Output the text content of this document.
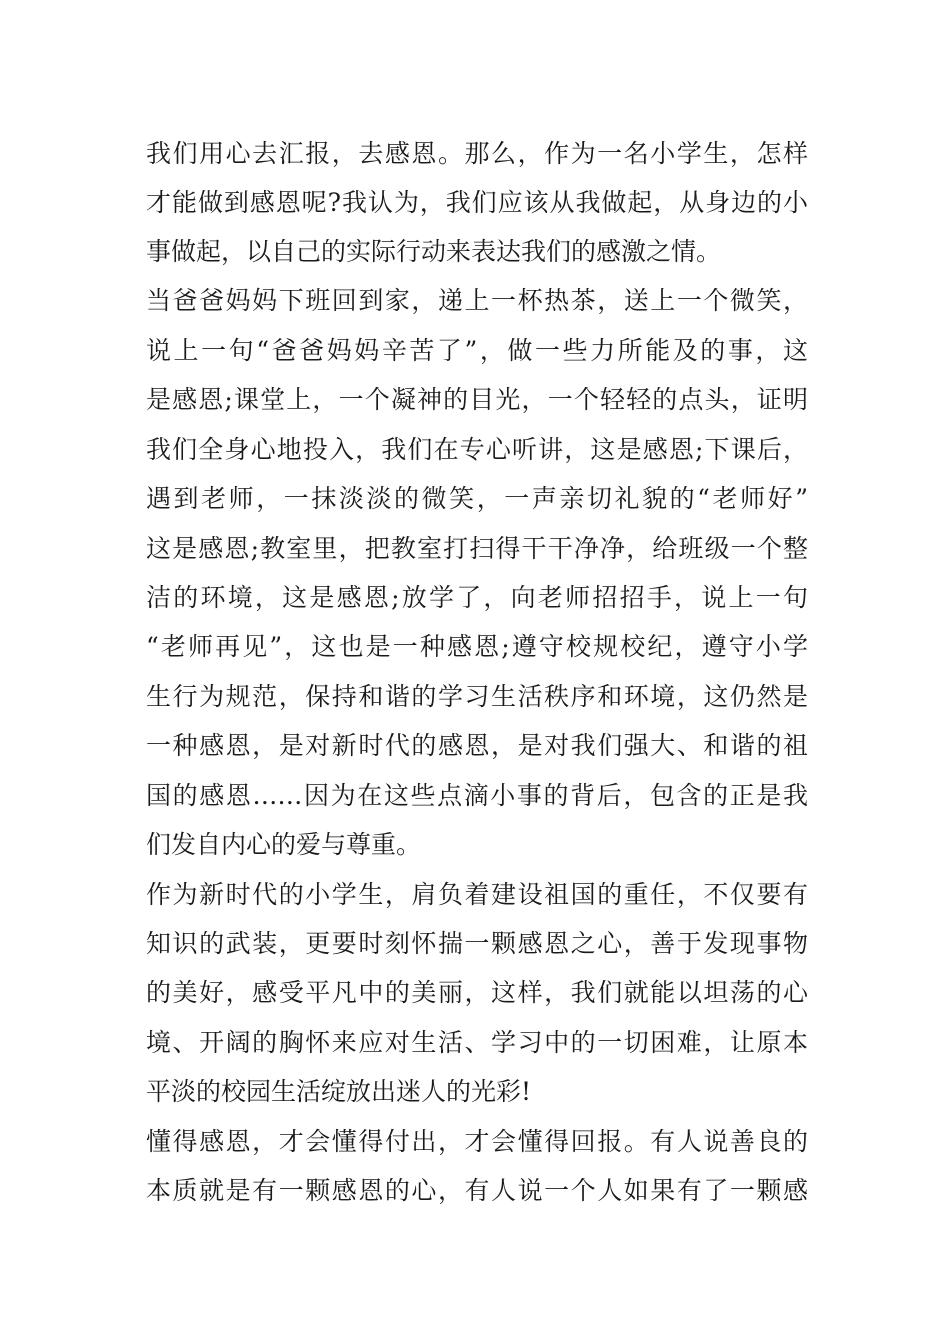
我们用心去汇报，去感恩。那么，作为一名小学生，怎样
才能做到感恩呢?我认为，我们应该从我做起，从身边的小
事做起，以自己的实际行动来表达我们的感激之情。
当爸爸妈妈下班回到家，递上一杯热茶，送上一个微笑，
说上一句“爸爸妈妈辛苦了”，做一些力所能及的事，这
是感恩;课堂上，一个凝神的目光，一个轻轻的点头，证明
我们全身心地投入，我们在专心听讲，这是感恩;下课后，
遇到老师，一抹淡淡的微笑，一声亲切礼貌的“老师好”
这是感恩;教室里，把教室打扫得干干净净，给班级一个整
洁的环境，这是感恩;放学了，向老师招招手，说上一句
“老师再见”，这也是一种感恩;遵守校规校纪，遵守小学
生行为规范，保持和谐的学习生活秩序和环境，这仍然是
一种感恩，是对新时代的感恩，是对我们强大、和谐的祖
国的感恩……因为在这些点滴小事的背后，包含的正是我
们发自内心的爱与尊重。
作为新时代的小学生，肩负着建设祖国的重任，不仅要有
知识的武装，更要时刻怀揣一颗感恩之心，善于发现事物
的美好，感受平凡中的美丽，这样，我们就能以坦荡的心
境、开阔的胸怀来应对生活、学习中的一切困难，让原本
平淡的校园生活绽放出迷人的光彩!
懂得感恩，才会懂得付出，才会懂得回报。有人说善良的
本质就是有一颗感恩的心，有人说一个人如果有了一颗感
